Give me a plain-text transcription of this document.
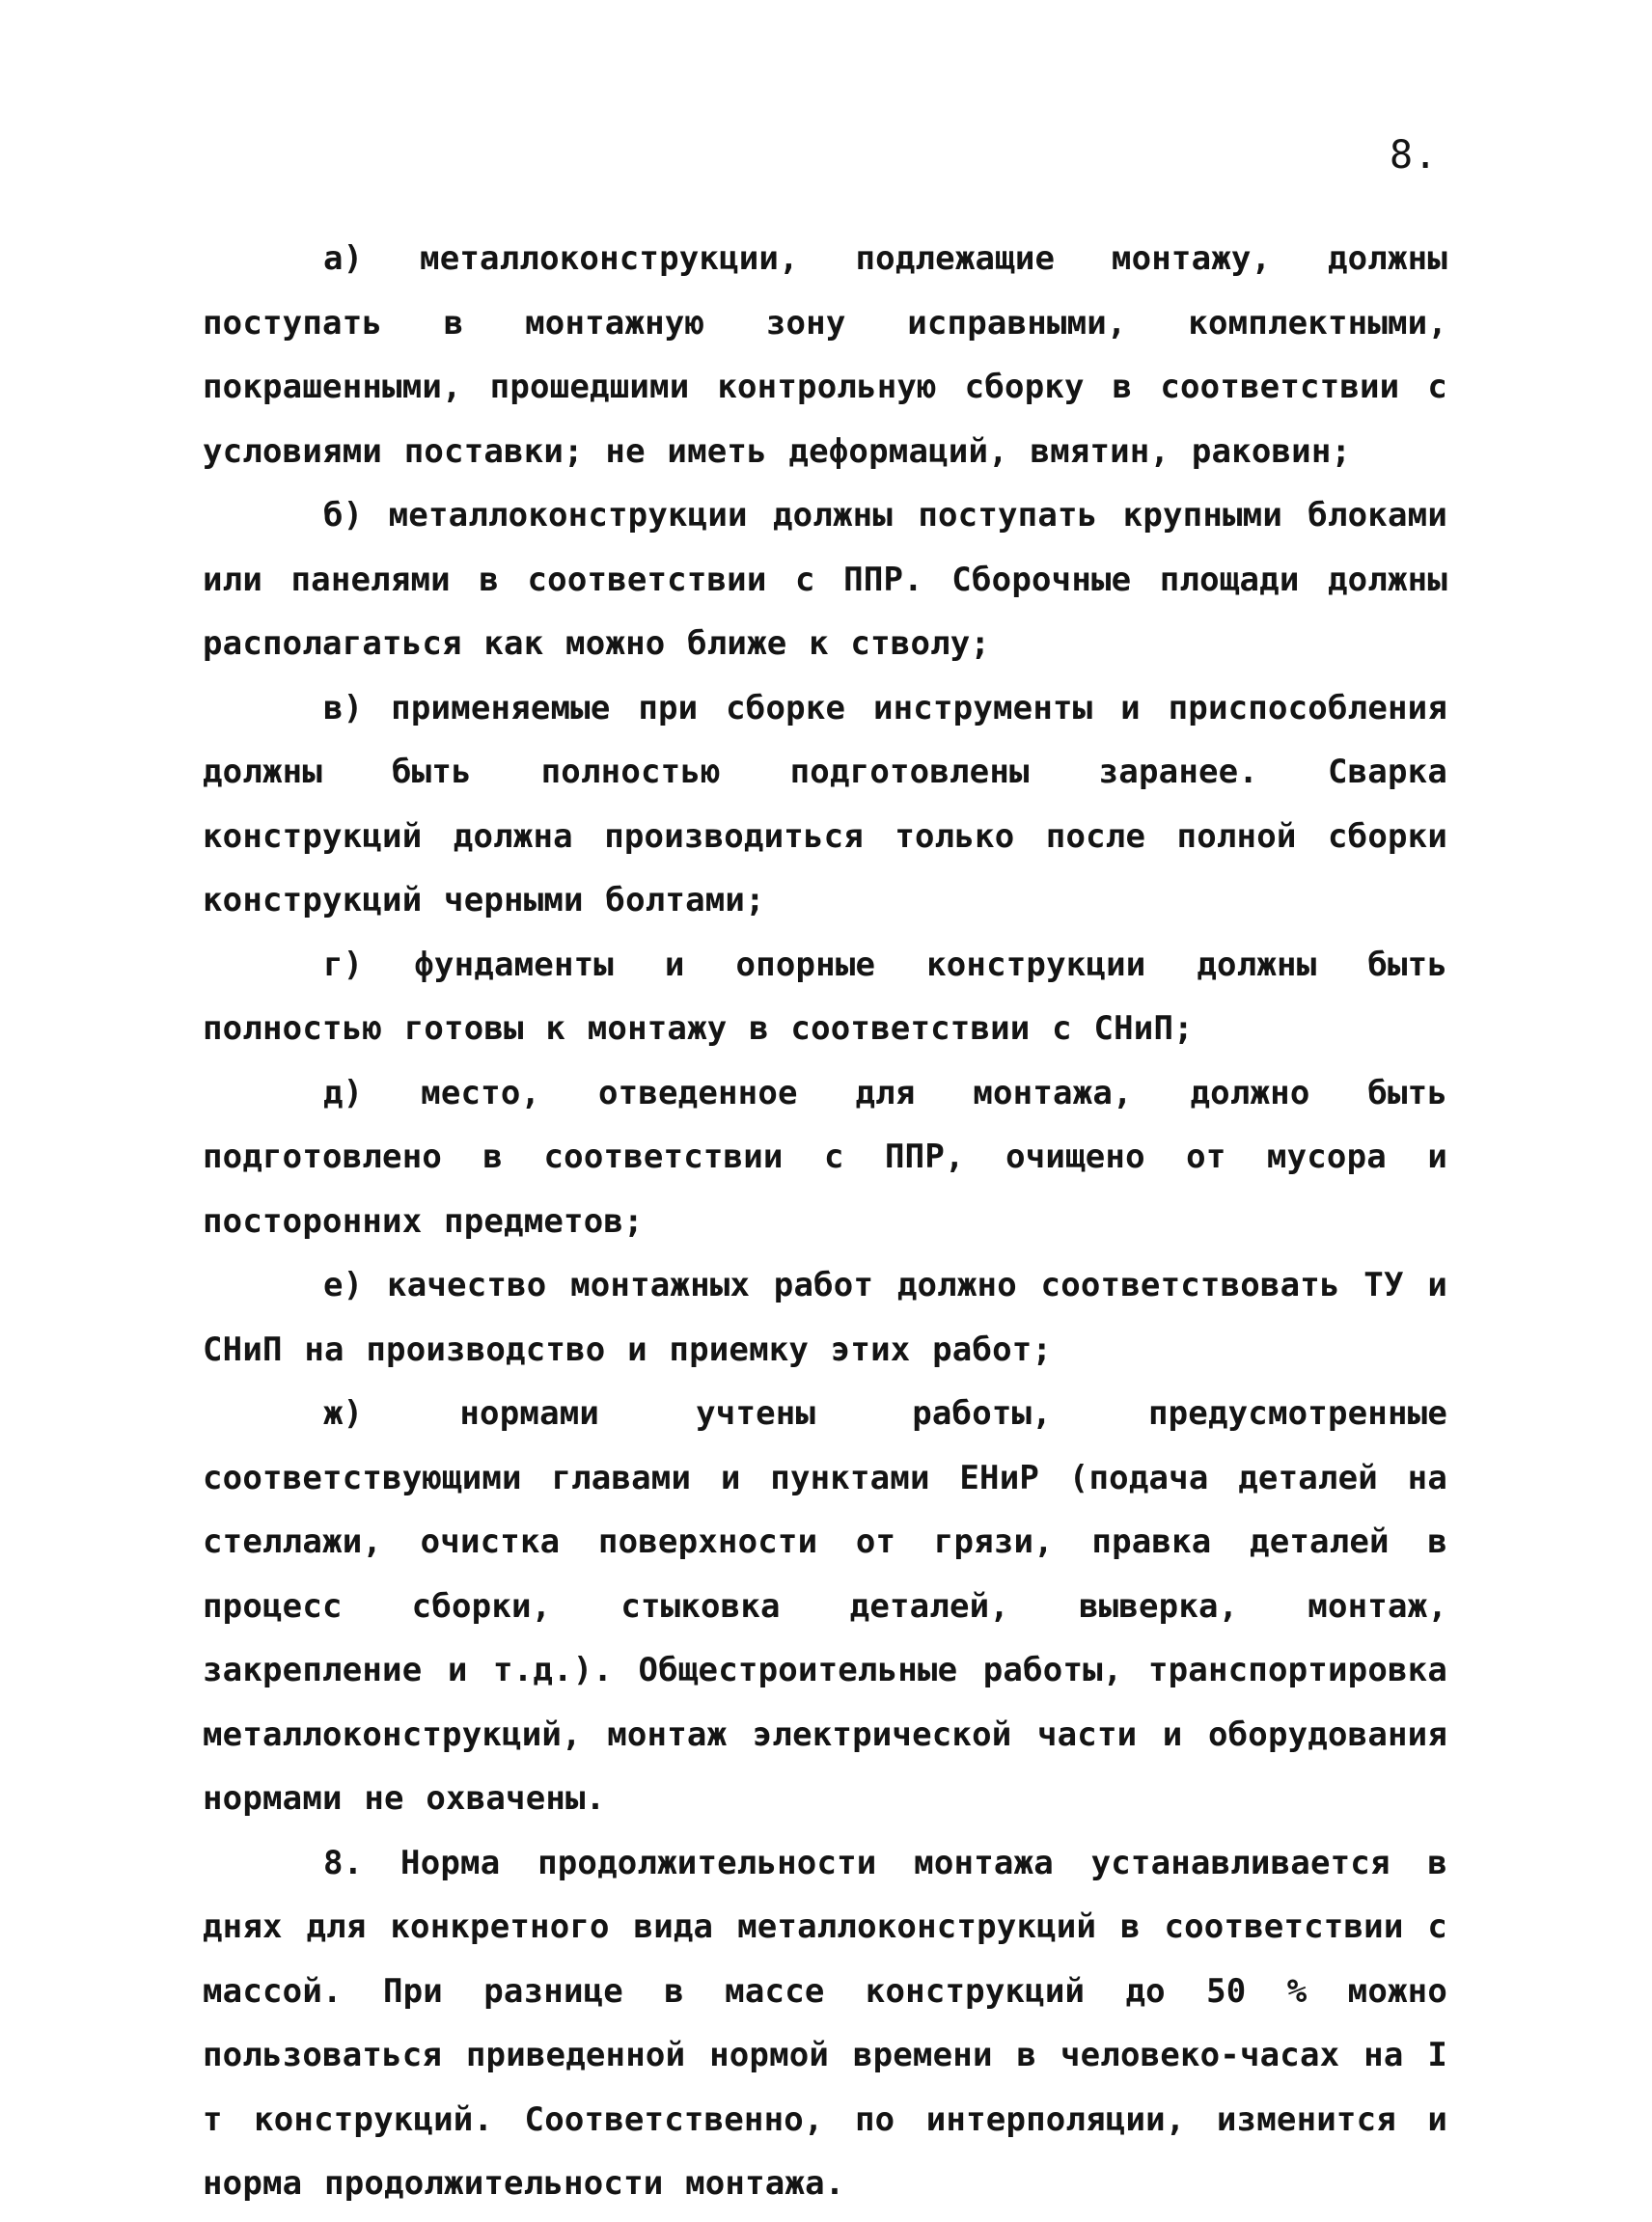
8.

а) металлоконструкции, подлежащие монтажу, должны поступать в монтажную зону исправными, комплектными, покрашенными, прошедшими контрольную сборку в соответствии с условиями поставки; не иметь деформаций, вмятин, раковин;

б) металлоконструкции должны поступать крупными блоками или панелями в соответствии с ППР. Сборочные площади должны располагаться как можно ближе к стволу;

в) применяемые при сборке инструменты и приспособления должны быть полностью подготовлены заранее. Сварка конструкций должна производиться только после полной сборки конструкций черными болтами;

г) фундаменты и опорные конструкции должны быть полностью готовы к монтажу в соответствии с СНиП;

д) место, отведенное для монтажа, должно быть подготовлено в соответствии с ППР, очищено от мусора и посторонних предметов;

е) качество монтажных работ должно соответствовать ТУ и СНиП на производство и приемку этих работ;

ж) нормами учтены работы, предусмотренные соответствующими главами и пунктами ЕНиР (подача деталей на стеллажи, очистка поверхности от грязи, правка деталей в процесс сборки, стыковка деталей, выверка, монтаж, закрепление и т.д.). Общестроительные работы, транспортировка металлоконструкций, монтаж электрической части и оборудования нормами не охвачены.

8. Норма продолжительности монтажа устанавливается в днях для конкретного вида металлоконструкций в соответствии с массой. При разнице в массе конструкций до 50 % можно пользоваться приведенной нормой времени в человеко-часах на I т конструкций. Соответственно, по интерполяции, изменится и норма продолжительности монтажа.
